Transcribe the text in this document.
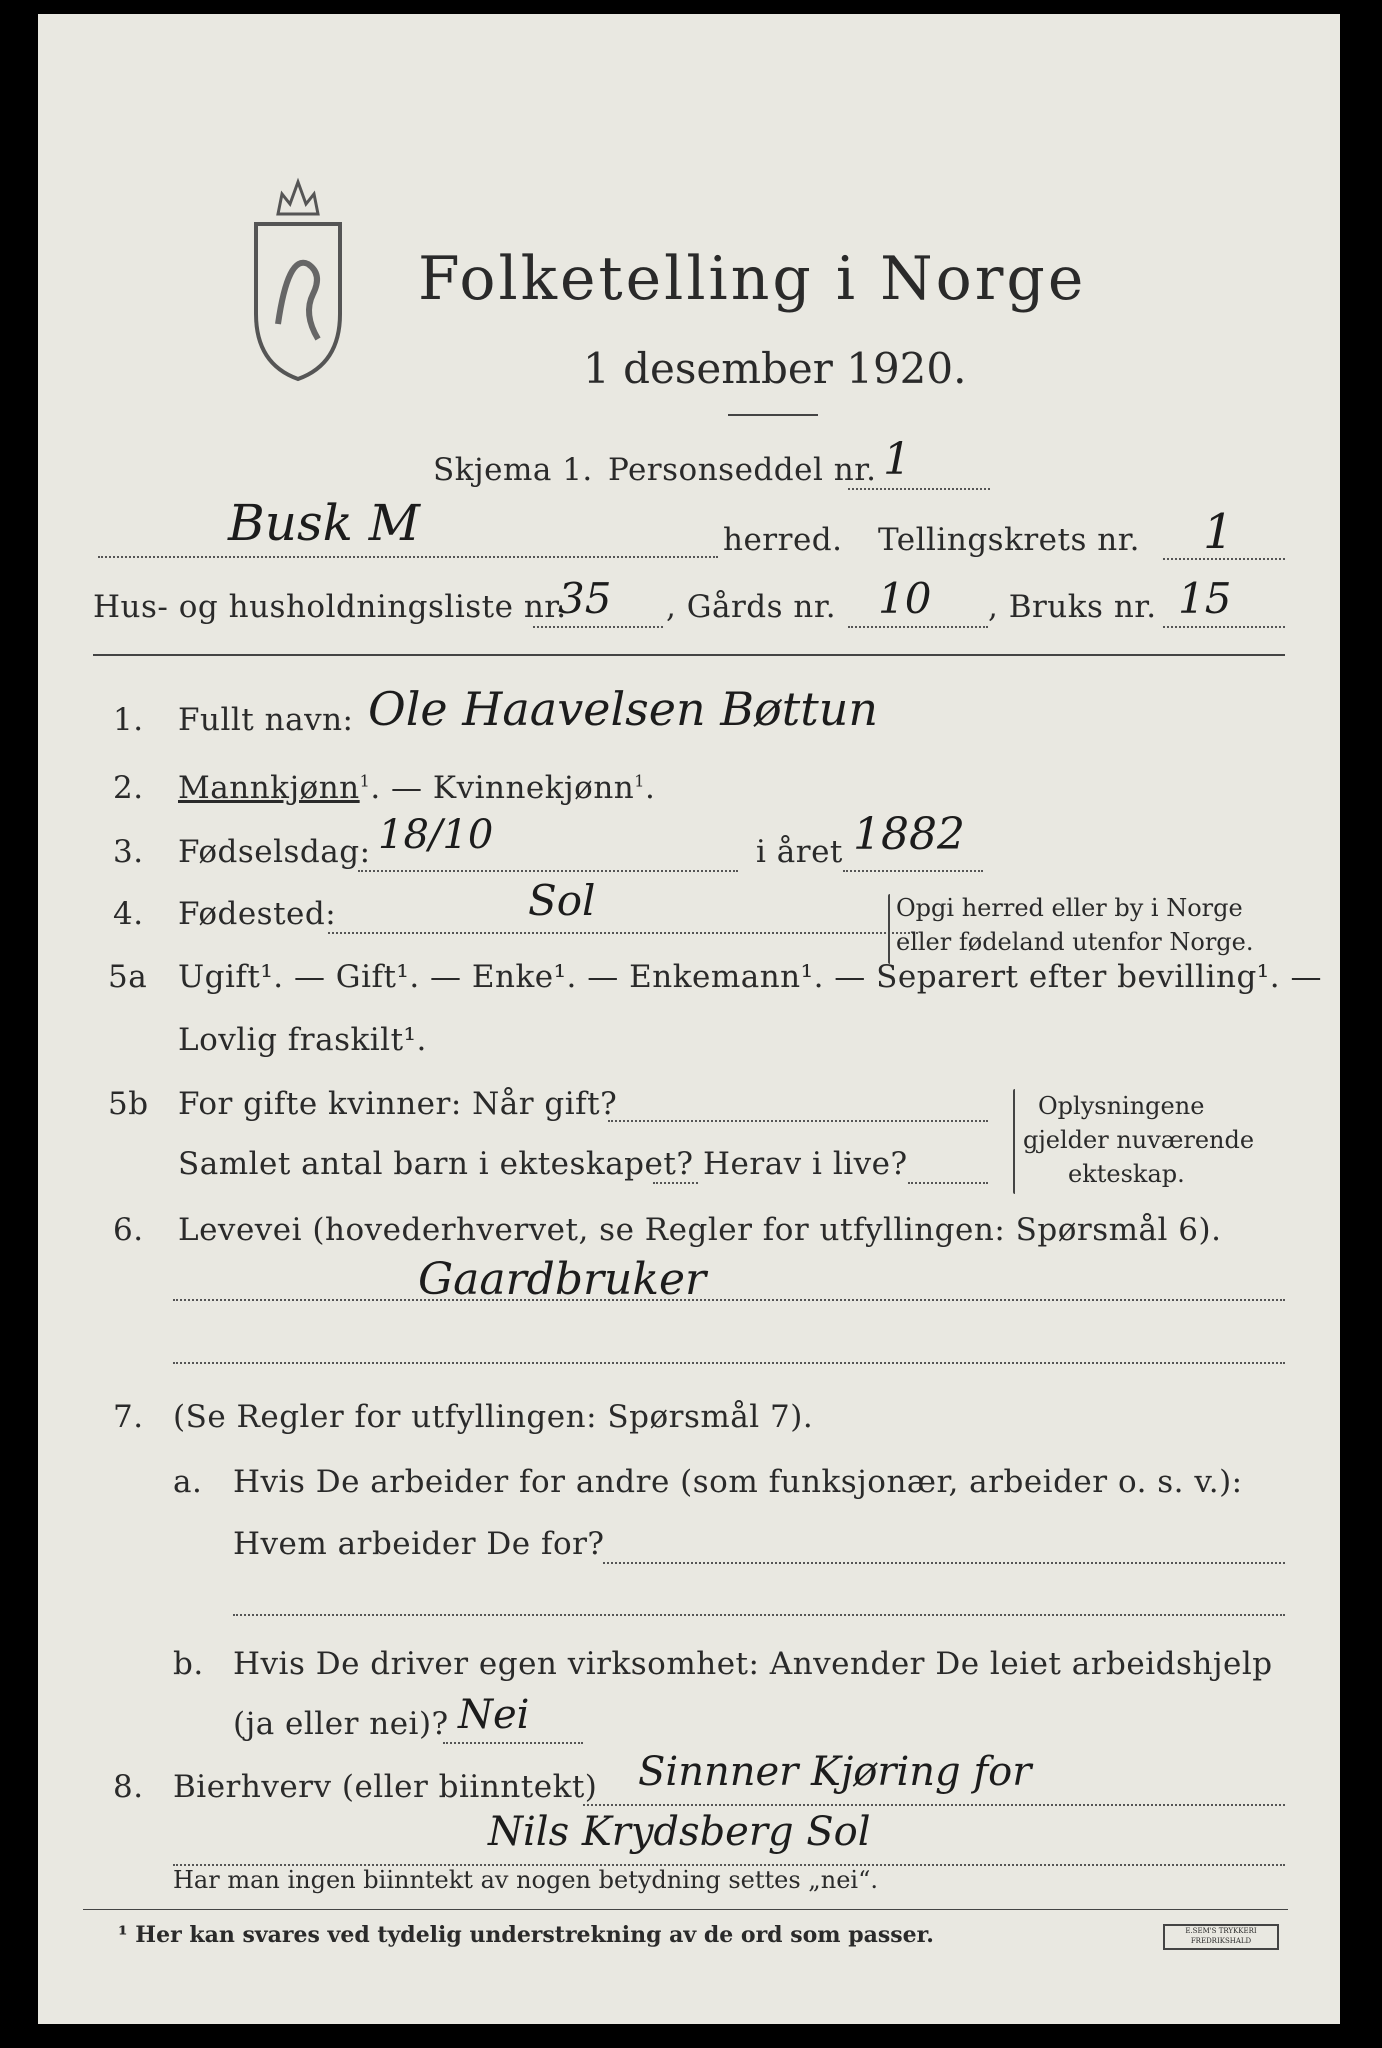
Folketelling i Norge
1 desember 1920.
Skjema 1. Personseddel nr. 1
Busk M	herred. Tellingskrets nr. 1
Hus- og husholdningsliste nr.
35 , Gårds nr. 10 , Bruks nr. 15
1. Fullt navn: Ole Haavelsen Bøttun
2. Mannkjønn$^1$. — Kvinnekjønn$^1$.
3. Fødselsdag: 18/10	i året 1882
4. Fødested:	Sol	Opgi herred eller by i Norge
eller fødeland utenfor Norge.
5a Ugift¹. — Gift¹. — Enke¹. — Enkemann¹. — Separert efter bevilling¹. —
Lovlig fraskilt¹.
5b For gifte kvinner: Når gift?
Samlet antal barn i ekteskapet? Herav i live?
Oplysningene
gjelder nuværende
ekteskap.
6. Levevei (hovederhvervet, se Regler for utfyllingen: Spørsmål 6).
Gaardbruker
7. (Se Regler for utfyllingen: Spørsmål 7).
a. Hvis De arbeider for andre (som funksjonær, arbeider o. s. v.):
Hvem arbeider De for?
b. Hvis De driver egen virksomhet: Anvender De leiet arbeidshjelp
(ja eller nei)? Nei
8. Bierhverv (eller biinntekt) Sinnner Kjøring for
Nils Krydsberg Sol
Har man ingen biinntekt av nogen betydning settes „nei“.
¹ Her kan svares ved tydelig understrekning av de ord som passer.	E.SEM'S TRYKKERI FREDRIKSHALD
